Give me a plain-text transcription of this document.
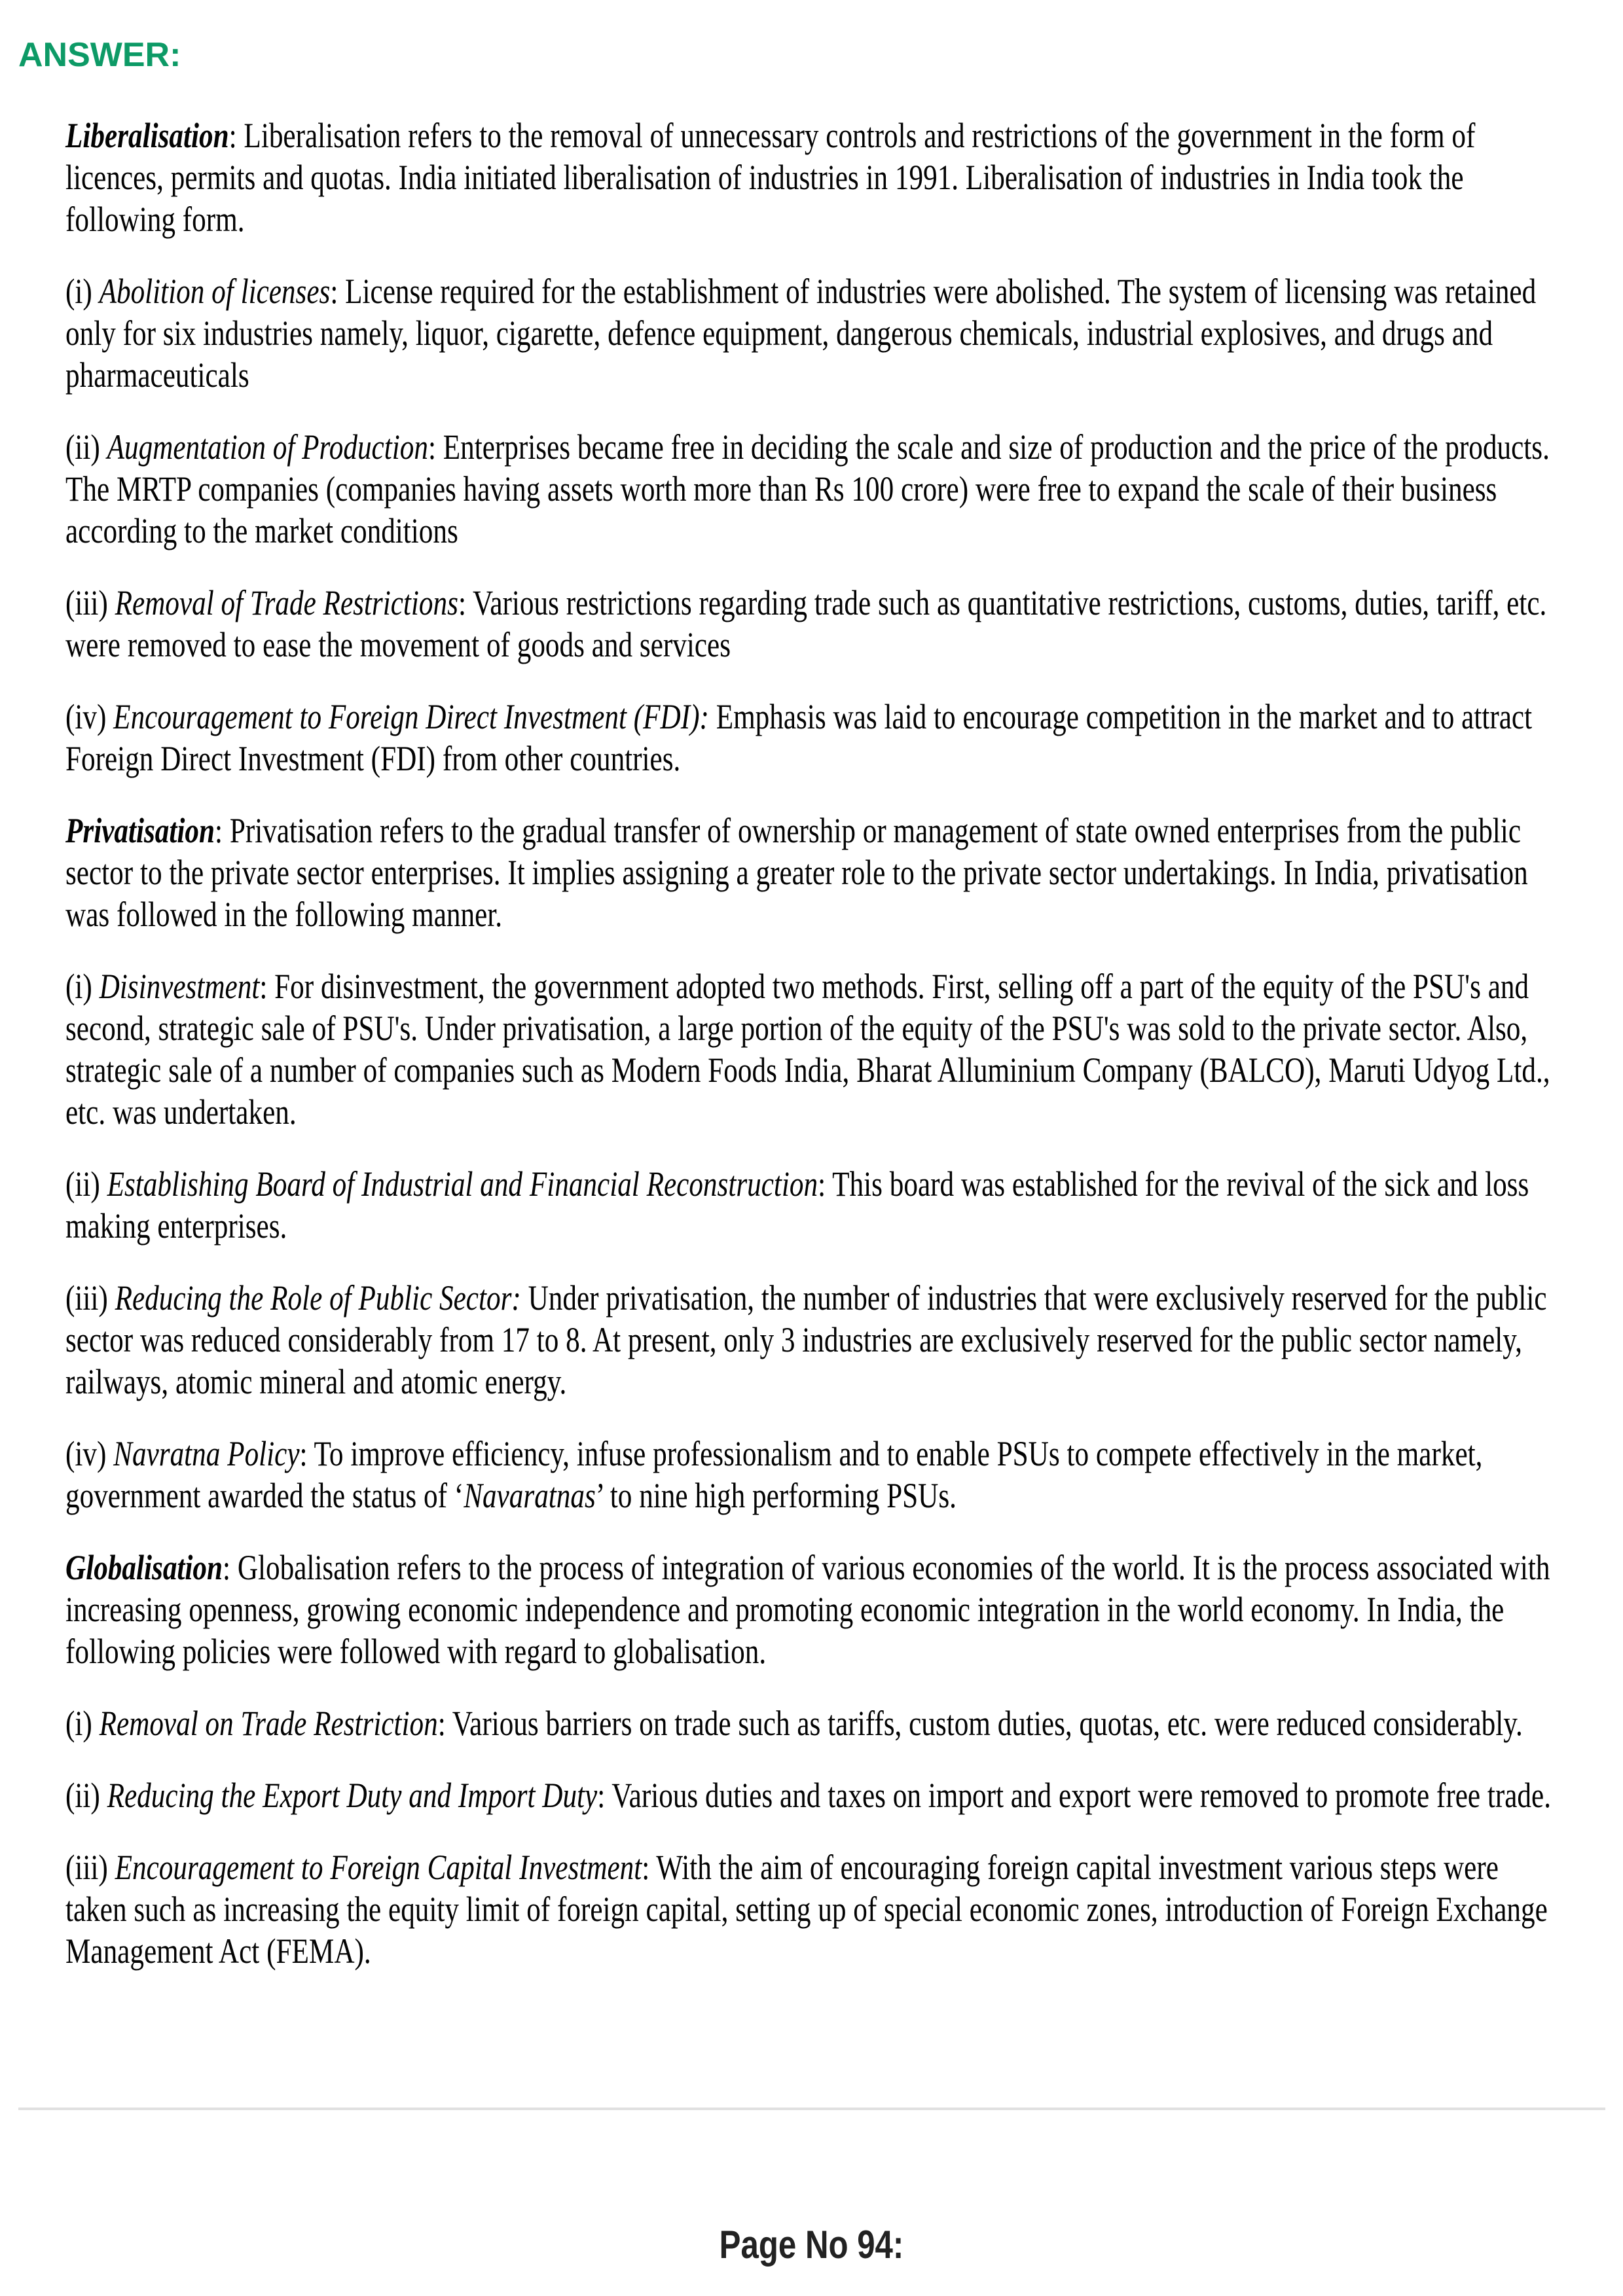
ANSWER:

Liberalisation: Liberalisation refers to the removal of unnecessary controls and restrictions of the government in the form of licences, permits and quotas. India initiated liberalisation of industries in 1991. Liberalisation of industries in India took the following form.

(i) Abolition of licenses: License required for the establishment of industries were abolished. The system of licensing was retained only for six industries namely, liquor, cigarette, defence equipment, dangerous chemicals, industrial explosives, and drugs and pharmaceuticals

(ii) Augmentation of Production: Enterprises became free in deciding the scale and size of production and the price of the products. The MRTP companies (companies having assets worth more than Rs 100 crore) were free to expand the scale of their business according to the market conditions

(iii) Removal of Trade Restrictions: Various restrictions regarding trade such as quantitative restrictions, customs, duties, tariff, etc. were removed to ease the movement of goods and services

(iv) Encouragement to Foreign Direct Investment (FDI): Emphasis was laid to encourage competition in the market and to attract Foreign Direct Investment (FDI) from other countries.

Privatisation: Privatisation refers to the gradual transfer of ownership or management of state owned enterprises from the public sector to the private sector enterprises. It implies assigning a greater role to the private sector undertakings. In India, privatisation was followed in the following manner.

(i) Disinvestment: For disinvestment, the government adopted two methods. First, selling off a part of the equity of the PSU's and second, strategic sale of PSU's. Under privatisation, a large portion of the equity of the PSU's was sold to the private sector. Also, strategic sale of a number of companies such as Modern Foods India, Bharat Alluminium Company (BALCO), Maruti Udyog Ltd., etc. was undertaken.

(ii) Establishing Board of Industrial and Financial Reconstruction: This board was established for the revival of the sick and loss making enterprises.

(iii) Reducing the Role of Public Sector: Under privatisation, the number of industries that were exclusively reserved for the public sector was reduced considerably from 17 to 8. At present, only 3 industries are exclusively reserved for the public sector namely, railways, atomic mineral and atomic energy.

(iv) Navratna Policy: To improve efficiency, infuse professionalism and to enable PSUs to compete effectively in the market, government awarded the status of ‘Navaratnas’ to nine high performing PSUs.

Globalisation: Globalisation refers to the process of integration of various economies of the world. It is the process associated with increasing openness, growing economic independence and promoting economic integration in the world economy. In India, the following policies were followed with regard to globalisation.

(i) Removal on Trade Restriction: Various barriers on trade such as tariffs, custom duties, quotas, etc. were reduced considerably.

(ii) Reducing the Export Duty and Import Duty: Various duties and taxes on import and export were removed to promote free trade.

(iii) Encouragement to Foreign Capital Investment: With the aim of encouraging foreign capital investment various steps were taken such as increasing the equity limit of foreign capital, setting up of special economic zones, introduction of Foreign Exchange Management Act (FEMA).

Page No 94:
